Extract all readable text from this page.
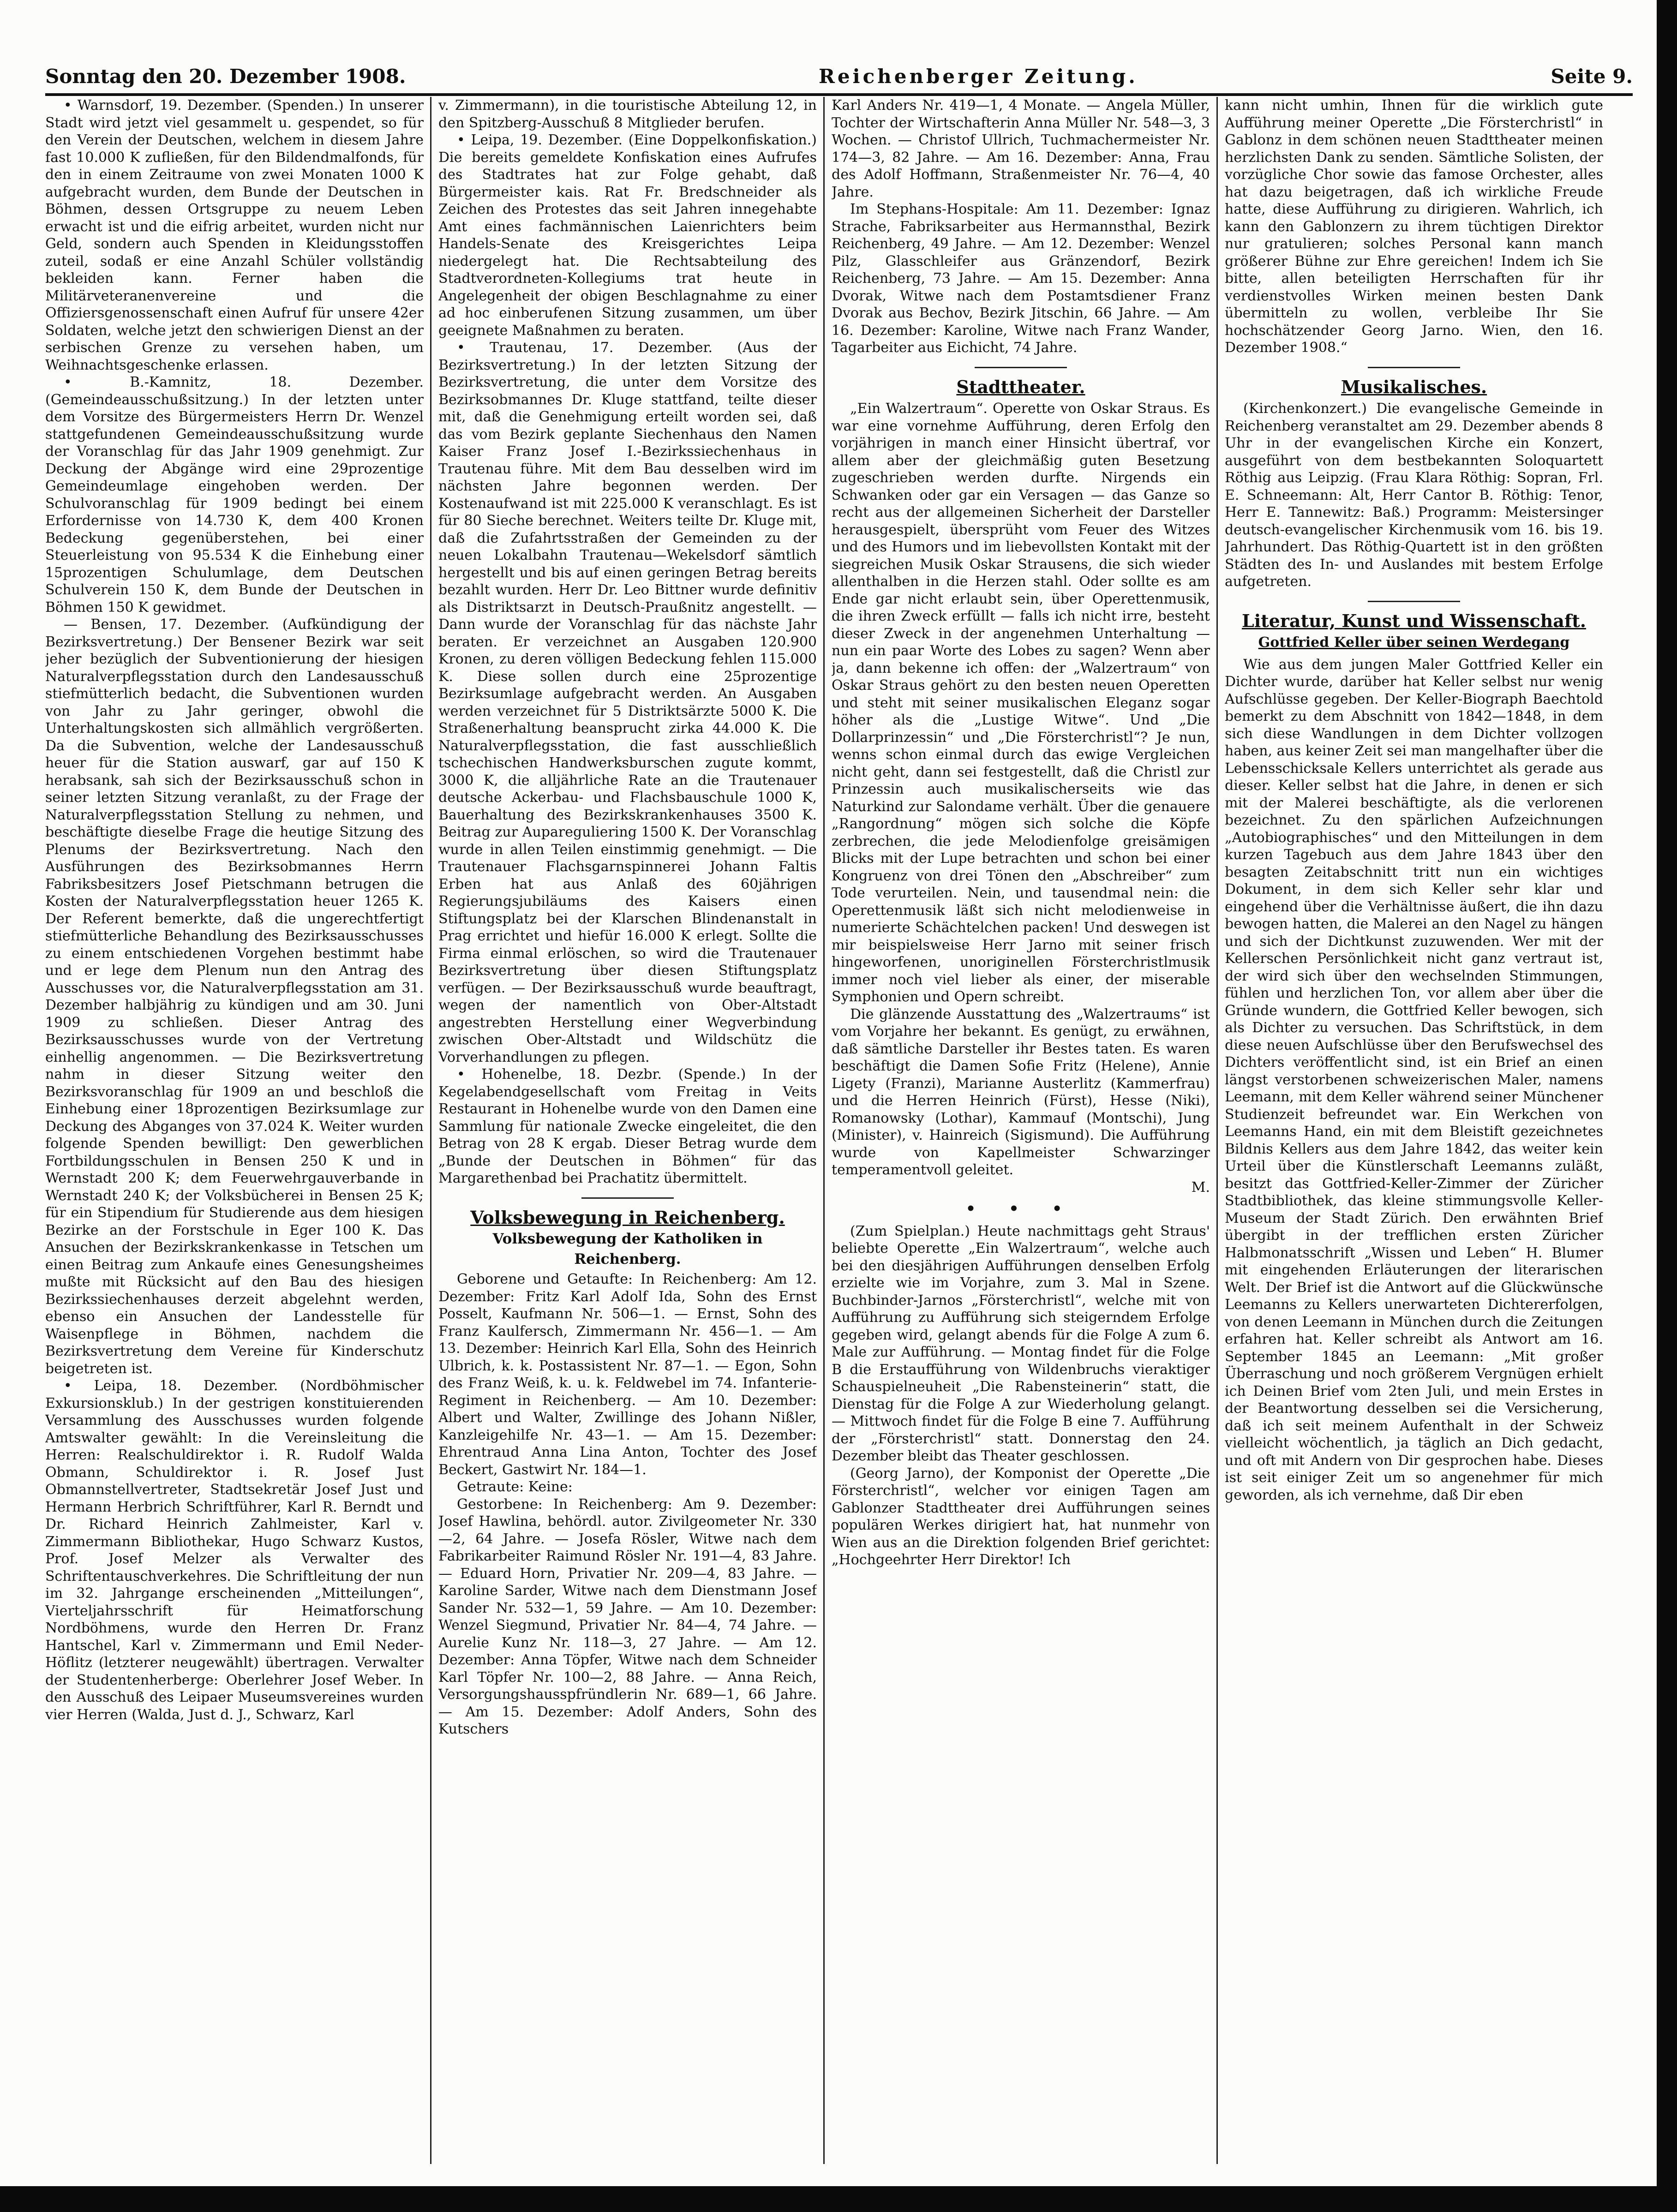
Sonntag den 20. Dezember 1908.	Reichenberger Zeitung.	Seite 9.

• Warnsdorf, 19. Dezember. (Spenden.) In unserer Stadt wird jetzt viel gesammelt u. gespendet, so für den Verein der Deutschen, welchem in diesem Jahre fast 10.000 K zufließen, für den Bildendmalfonds, für den in einem Zeitraume von zwei Monaten 1000 K aufgebracht wurden, dem Bunde der Deutschen in Böhmen, dessen Ortsgruppe zu neuem Leben erwacht ist und die eifrig arbeitet, wurden nicht nur Geld, sondern auch Spenden in Kleidungsstoffen zuteil, sodaß er eine Anzahl Schüler vollständig bekleiden kann. Ferner haben die Militärveteranenvereine und die Offiziersgenossenschaft einen Aufruf für unsere 42er Soldaten, welche jetzt den schwierigen Dienst an der serbischen Grenze zu versehen haben, um Weihnachtsgeschenke erlassen.

• B.-Kamnitz, 18. Dezember. (Gemeindeausschußsitzung.) In der letzten unter dem Vorsitze des Bürgermeisters Herrn Dr. Wenzel stattgefundenen Gemeindeausschußsitzung wurde der Voranschlag für das Jahr 1909 genehmigt. Zur Deckung der Abgänge wird eine 29prozentige Gemeindeumlage eingehoben werden. Der Schulvoranschlag für 1909 bedingt bei einem Erfordernisse von 14.730 K, dem 400 Kronen Bedeckung gegenüberstehen, bei einer Steuerleistung von 95.534 K die Einhebung einer 15prozentigen Schulumlage, dem Deutschen Schulverein 150 K, dem Bunde der Deutschen in Böhmen 150 K gewidmet.

— Bensen, 17. Dezember. (Aufkündigung der Bezirksvertretung.) Der Bensener Bezirk war seit jeher bezüglich der Subventionierung der hiesigen Naturalverpflegsstation durch den Landesausschuß stiefmütterlich bedacht, die Subventionen wurden von Jahr zu Jahr geringer, obwohl die Unterhaltungskosten sich allmählich vergrößerten. Da die Subvention, welche der Landesausschuß heuer für die Station auswarf, gar auf 150 K herabsank, sah sich der Bezirksausschuß schon in seiner letzten Sitzung veranlaßt, zu der Frage der Naturalverpflegsstation Stellung zu nehmen, und beschäftigte dieselbe Frage die heutige Sitzung des Plenums der Bezirksvertretung. Nach den Ausführungen des Bezirksobmannes Herrn Fabriksbesitzers Josef Pietschmann betrugen die Kosten der Naturalverpflegsstation heuer 1265 K. Der Referent bemerkte, daß die ungerechtfertigt stiefmütterliche Behandlung des Bezirksausschusses zu einem entschiedenen Vorgehen bestimmt habe und er lege dem Plenum nun den Antrag des Ausschusses vor, die Naturalverpflegsstation am 31. Dezember halbjährig zu kündigen und am 30. Juni 1909 zu schließen. Dieser Antrag des Bezirksausschusses wurde von der Vertretung einhellig angenommen. — Die Bezirksvertretung nahm in dieser Sitzung weiter den Bezirksvoranschlag für 1909 an und beschloß die Einhebung einer 18prozentigen Bezirksumlage zur Deckung des Abganges von 37.024 K. Weiter wurden folgende Spenden bewilligt: Den gewerblichen Fortbildungsschulen in Bensen 250 K und in Wernstadt 200 K; dem Feuerwehrgauverbande in Wernstadt 240 K; der Volksbücherei in Bensen 25 K; für ein Stipendium für Studierende aus dem hiesigen Bezirke an der Forstschule in Eger 100 K. Das Ansuchen der Bezirkskrankenkasse in Tetschen um einen Beitrag zum Ankaufe eines Genesungsheimes mußte mit Rücksicht auf den Bau des hiesigen Bezirkssiechenhauses derzeit abgelehnt werden, ebenso ein Ansuchen der Landesstelle für Waisenpflege in Böhmen, nachdem die Bezirksvertretung dem Vereine für Kinderschutz beigetreten ist.

• Leipa, 18. Dezember. (Nordböhmischer Exkursionsklub.) In der gestrigen konstituierenden Versammlung des Ausschusses wurden folgende Amtswalter gewählt: In die Vereinsleitung die Herren: Realschuldirektor i. R. Rudolf Walda Obmann, Schuldirektor i. R. Josef Just Obmannstellvertreter, Stadtsekretär Josef Just und Hermann Herbrich Schriftführer, Karl R. Berndt und Dr. Richard Heinrich Zahlmeister, Karl v. Zimmermann Bibliothekar, Hugo Schwarz Kustos, Prof. Josef Melzer als Verwalter des Schriftentauschverkehres. Die Schriftleitung der nun im 32. Jahrgange erscheinenden „Mitteilungen“, Vierteljahrsschrift für Heimatforschung Nordböhmens, wurde den Herren Dr. Franz Hantschel, Karl v. Zimmermann und Emil Neder-Höflitz (letzterer neugewählt) übertragen. Verwalter der Studentenherberge: Oberlehrer Josef Weber. In den Ausschuß des Leipaer Museumsvereines wurden vier Herren (Walda, Just d. J., Schwarz, Karl

v. Zimmermann), in die touristische Abteilung 12, in den Spitzberg-Ausschuß 8 Mitglieder berufen.

• Leipa, 19. Dezember. (Eine Doppelkonfiskation.) Die bereits gemeldete Konfiskation eines Aufrufes des Stadtrates hat zur Folge gehabt, daß Bürgermeister kais. Rat Fr. Bredschneider als Zeichen des Protestes das seit Jahren innegehabte Amt eines fachmännischen Laienrichters beim Handels-Senate des Kreisgerichtes Leipa niedergelegt hat. Die Rechtsabteilung des Stadtverordneten-Kollegiums trat heute in Angelegenheit der obigen Beschlagnahme zu einer ad hoc einberufenen Sitzung zusammen, um über geeignete Maßnahmen zu beraten.

• Trautenau, 17. Dezember. (Aus der Bezirksvertretung.) In der letzten Sitzung der Bezirksvertretung, die unter dem Vorsitze des Bezirksobmannes Dr. Kluge stattfand, teilte dieser mit, daß die Genehmigung erteilt worden sei, daß das vom Bezirk geplante Siechenhaus den Namen Kaiser Franz Josef I.-Bezirkssiechenhaus in Trautenau führe. Mit dem Bau desselben wird im nächsten Jahre begonnen werden. Der Kostenaufwand ist mit 225.000 K veranschlagt. Es ist für 80 Sieche berechnet. Weiters teilte Dr. Kluge mit, daß die Zufahrtsstraßen der Gemeinden zu der neuen Lokalbahn Trautenau—Wekelsdorf sämtlich hergestellt und bis auf einen geringen Betrag bereits bezahlt wurden. Herr Dr. Leo Bittner wurde definitiv als Distriktsarzt in Deutsch-Praußnitz angestellt. — Dann wurde der Voranschlag für das nächste Jahr beraten. Er verzeichnet an Ausgaben 120.900 Kronen, zu deren völligen Bedeckung fehlen 115.000 K. Diese sollen durch eine 25prozentige Bezirksumlage aufgebracht werden. An Ausgaben werden verzeichnet für 5 Distriktsärzte 5000 K. Die Straßenerhaltung beansprucht zirka 44.000 K. Die Naturalverpflegsstation, die fast ausschließlich tschechischen Handwerksburschen zugute kommt, 3000 K, die alljährliche Rate an die Trautenauer deutsche Ackerbau- und Flachsbauschule 1000 K, Bauerhaltung des Bezirkskrankenhauses 3500 K. Beitrag zur Aupareguliering 1500 K. Der Voranschlag wurde in allen Teilen einstimmig genehmigt. — Die Trautenauer Flachsgarnspinnerei Johann Faltis Erben hat aus Anlaß des 60jährigen Regierungsjubiläums des Kaisers einen Stiftungsplatz bei der Klarschen Blindenanstalt in Prag errichtet und hiefür 16.000 K erlegt. Sollte die Firma einmal erlöschen, so wird die Trautenauer Bezirksvertretung über diesen Stiftungsplatz verfügen. — Der Bezirksausschuß wurde beauftragt, wegen der namentlich von Ober-Altstadt angestrebten Herstellung einer Wegverbindung zwischen Ober-Altstadt und Wildschütz die Vorverhandlungen zu pflegen.

• Hohenelbe, 18. Dezbr. (Spende.) In der Kegelabendgesellschaft vom Freitag in Veits Restaurant in Hohenelbe wurde von den Damen eine Sammlung für nationale Zwecke eingeleitet, die den Betrag von 28 K ergab. Dieser Betrag wurde dem „Bunde der Deutschen in Böhmen“ für das Margarethenbad bei Prachatitz übermittelt.

Volksbewegung in Reichenberg.
Volksbewegung der Katholiken in
Reichenberg.

Geborene und Getaufte: In Reichenberg: Am 12. Dezember: Fritz Karl Adolf Ida, Sohn des Ernst Posselt, Kaufmann Nr. 506—1. — Ernst, Sohn des Franz Kaulfersch, Zimmermann Nr. 456—1. — Am 13. Dezember: Heinrich Karl Ella, Sohn des Heinrich Ulbrich, k. k. Postassistent Nr. 87—1. — Egon, Sohn des Franz Weiß, k. u. k. Feldwebel im 74. Infanterie-Regiment in Reichenberg. — Am 10. Dezember: Albert und Walter, Zwillinge des Johann Nißler, Kanzleigehilfe Nr. 43—1. — Am 15. Dezember: Ehrentraud Anna Lina Anton, Tochter des Josef Beckert, Gastwirt Nr. 184—1.

Getraute: Keine:

Gestorbene: In Reichenberg: Am 9. Dezember: Josef Hawlina, behördl. autor. Zivilgeometer Nr. 330—2, 64 Jahre. — Josefa Rösler, Witwe nach dem Fabrikarbeiter Raimund Rösler Nr. 191—4, 83 Jahre. — Eduard Horn, Privatier Nr. 209—4, 83 Jahre. — Karoline Sarder, Witwe nach dem Dienstmann Josef Sander Nr. 532—1, 59 Jahre. — Am 10. Dezember: Wenzel Siegmund, Privatier Nr. 84—4, 74 Jahre. — Aurelie Kunz Nr. 118—3, 27 Jahre. — Am 12. Dezember: Anna Töpfer, Witwe nach dem Schneider Karl Töpfer Nr. 100—2, 88 Jahre. — Anna Reich, Versorgungshausspfründlerin Nr. 689—1, 66 Jahre. — Am 15. Dezember: Adolf Anders, Sohn des Kutschers

Karl Anders Nr. 419—1, 4 Monate. — Angela Müller, Tochter der Wirtschafterin Anna Müller Nr. 548—3, 3 Wochen. — Christof Ullrich, Tuchmachermeister Nr. 174—3, 82 Jahre. — Am 16. Dezember: Anna, Frau des Adolf Hoffmann, Straßenmeister Nr. 76—4, 40 Jahre.

Im Stephans-Hospitale: Am 11. Dezember: Ignaz Strache, Fabriksarbeiter aus Hermannsthal, Bezirk Reichenberg, 49 Jahre. — Am 12. Dezember: Wenzel Pilz, Glasschleifer aus Gränzendorf, Bezirk Reichenberg, 73 Jahre. — Am 15. Dezember: Anna Dvorak, Witwe nach dem Postamtsdiener Franz Dvorak aus Bechov, Bezirk Jitschin, 66 Jahre. — Am 16. Dezember: Karoline, Witwe nach Franz Wander, Tagarbeiter aus Eichicht, 74 Jahre.

Stadttheater.

„Ein Walzertraum“. Operette von Oskar Straus. Es war eine vornehme Aufführung, deren Erfolg den vorjährigen in manch einer Hinsicht übertraf, vor allem aber der gleichmäßig guten Besetzung zugeschrieben werden durfte. Nirgends ein Schwanken oder gar ein Versagen — das Ganze so recht aus der allgemeinen Sicherheit der Darsteller herausgespielt, übersprüht vom Feuer des Witzes und des Humors und im liebevollsten Kontakt mit der siegreichen Musik Oskar Strausens, die sich wieder allenthalben in die Herzen stahl. Oder sollte es am Ende gar nicht erlaubt sein, über Operettenmusik, die ihren Zweck erfüllt — falls ich nicht irre, besteht dieser Zweck in der angenehmen Unterhaltung — nun ein paar Worte des Lobes zu sagen? Wenn aber ja, dann bekenne ich offen: der „Walzertraum“ von Oskar Straus gehört zu den besten neuen Operetten und steht mit seiner musikalischen Eleganz sogar höher als die „Lustige Witwe“. Und „Die Dollarprinzessin“ und „Die Försterchristl“? Je nun, wenns schon einmal durch das ewige Vergleichen nicht geht, dann sei festgestellt, daß die Christl zur Prinzessin auch musikalischerseits wie das Naturkind zur Salondame verhält. Über die genauere „Rangordnung“ mögen sich solche die Köpfe zerbrechen, die jede Melodienfolge greisämigen Blicks mit der Lupe betrachten und schon bei einer Kongruenz von drei Tönen den „Abschreiber“ zum Tode verurteilen. Nein, und tausendmal nein: die Operettenmusik läßt sich nicht melodienweise in numerierte Schächtelchen packen! Und deswegen ist mir beispielsweise Herr Jarno mit seiner frisch hingeworfenen, unoriginellen Försterchristlmusik immer noch viel lieber als einer, der miserable Symphonien und Opern schreibt.

Die glänzende Ausstattung des „Walzertraums“ ist vom Vorjahre her bekannt. Es genügt, zu erwähnen, daß sämtliche Darsteller ihr Bestes taten. Es waren beschäftigt die Damen Sofie Fritz (Helene), Annie Ligety (Franzi), Marianne Austerlitz (Kammerfrau) und die Herren Heinrich (Fürst), Hesse (Niki), Romanowsky (Lothar), Kammauf (Montschi), Jung (Minister), v. Hainreich (Sigismund). Die Aufführung wurde von Kapellmeister Schwarzinger temperamentvoll geleitet.

M.

• • •

(Zum Spielplan.) Heute nachmittags geht Straus' beliebte Operette „Ein Walzertraum“, welche auch bei den diesjährigen Aufführungen denselben Erfolg erzielte wie im Vorjahre, zum 3. Mal in Szene. Buchbinder-Jarnos „Försterchristl“, welche mit von Aufführung zu Aufführung sich steigerndem Erfolge gegeben wird, gelangt abends für die Folge A zum 6. Male zur Aufführung. — Montag findet für die Folge B die Erstaufführung von Wildenbruchs vieraktiger Schauspielneuheit „Die Rabensteinerin“ statt, die Dienstag für die Folge A zur Wiederholung gelangt. — Mittwoch findet für die Folge B eine 7. Aufführung der „Försterchristl“ statt. Donnerstag den 24. Dezember bleibt das Theater geschlossen.

(Georg Jarno), der Komponist der Operette „Die Försterchristl“, welcher vor einigen Tagen am Gablonzer Stadttheater drei Aufführungen seines populären Werkes dirigiert hat, hat nunmehr von Wien aus an die Direktion folgenden Brief gerichtet: „Hochgeehrter Herr Direktor! Ich

kann nicht umhin, Ihnen für die wirklich gute Aufführung meiner Operette „Die Försterchristl“ in Gablonz in dem schönen neuen Stadttheater meinen herzlichsten Dank zu senden. Sämtliche Solisten, der vorzügliche Chor sowie das famose Orchester, alles hat dazu beigetragen, daß ich wirkliche Freude hatte, diese Aufführung zu dirigieren. Wahrlich, ich kann den Gablonzern zu ihrem tüchtigen Direktor nur gratulieren; solches Personal kann manch größerer Bühne zur Ehre gereichen! Indem ich Sie bitte, allen beteiligten Herrschaften für ihr verdienstvolles Wirken meinen besten Dank übermitteln zu wollen, verbleibe Ihr Sie hochschätzender Georg Jarno. Wien, den 16. Dezember 1908.“

Musikalisches.

(Kirchenkonzert.) Die evangelische Gemeinde in Reichenberg veranstaltet am 29. Dezember abends 8 Uhr in der evangelischen Kirche ein Konzert, ausgeführt von dem bestbekannten Soloquartett Röthig aus Leipzig. (Frau Klara Röthig: Sopran, Frl. E. Schneemann: Alt, Herr Cantor B. Röthig: Tenor, Herr E. Tannewitz: Baß.) Programm: Meistersinger deutsch-evangelischer Kirchenmusik vom 16. bis 19. Jahrhundert. Das Röthig-Quartett ist in den größten Städten des In- und Auslandes mit bestem Erfolge aufgetreten.

Literatur, Kunst und Wissenschaft.
Gottfried Keller über seinen Werdegang

Wie aus dem jungen Maler Gottfried Keller ein Dichter wurde, darüber hat Keller selbst nur wenig Aufschlüsse gegeben. Der Keller-Biograph Baechtold bemerkt zu dem Abschnitt von 1842—1848, in dem sich diese Wandlungen in dem Dichter vollzogen haben, aus keiner Zeit sei man mangelhafter über die Lebensschicksale Kellers unterrichtet als gerade aus dieser. Keller selbst hat die Jahre, in denen er sich mit der Malerei beschäftigte, als die verlorenen bezeichnet. Zu den spärlichen Aufzeichnungen „Autobiographisches“ und den Mitteilungen in dem kurzen Tagebuch aus dem Jahre 1843 über den besagten Zeitabschnitt tritt nun ein wichtiges Dokument, in dem sich Keller sehr klar und eingehend über die Verhältnisse äußert, die ihn dazu bewogen hatten, die Malerei an den Nagel zu hängen und sich der Dichtkunst zuzuwenden. Wer mit der Kellerschen Persönlichkeit nicht ganz vertraut ist, der wird sich über den wechselnden Stimmungen, fühlen und herzlichen Ton, vor allem aber über die Gründe wundern, die Gottfried Keller bewogen, sich als Dichter zu versuchen. Das Schriftstück, in dem diese neuen Aufschlüsse über den Berufswechsel des Dichters veröffentlicht sind, ist ein Brief an einen längst verstorbenen schweizerischen Maler, namens Leemann, mit dem Keller während seiner Münchener Studienzeit befreundet war. Ein Werkchen von Leemanns Hand, ein mit dem Bleistift gezeichnetes Bildnis Kellers aus dem Jahre 1842, das weiter kein Urteil über die Künstlerschaft Leemanns zuläßt, besitzt das Gottfried-Keller-Zimmer der Züricher Stadtbibliothek, das kleine stimmungsvolle Keller-Museum der Stadt Zürich. Den erwähnten Brief übergibt in der trefflichen ersten Züricher Halbmonatsschrift „Wissen und Leben“ H. Blumer mit eingehenden Erläuterungen der literarischen Welt. Der Brief ist die Antwort auf die Glückwünsche Leemanns zu Kellers unerwarteten Dichtererfolgen, von denen Leemann in München durch die Zeitungen erfahren hat. Keller schreibt als Antwort am 16. September 1845 an Leemann: „Mit großer Überraschung und noch größerem Vergnügen erhielt ich Deinen Brief vom 2ten Juli, und mein Erstes in der Beantwortung desselben sei die Versicherung, daß ich seit meinem Aufenthalt in der Schweiz vielleicht wöchentlich, ja täglich an Dich gedacht, und oft mit Andern von Dir gesprochen habe. Dieses ist seit einiger Zeit um so angenehmer für mich geworden, als ich vernehme, daß Dir eben
